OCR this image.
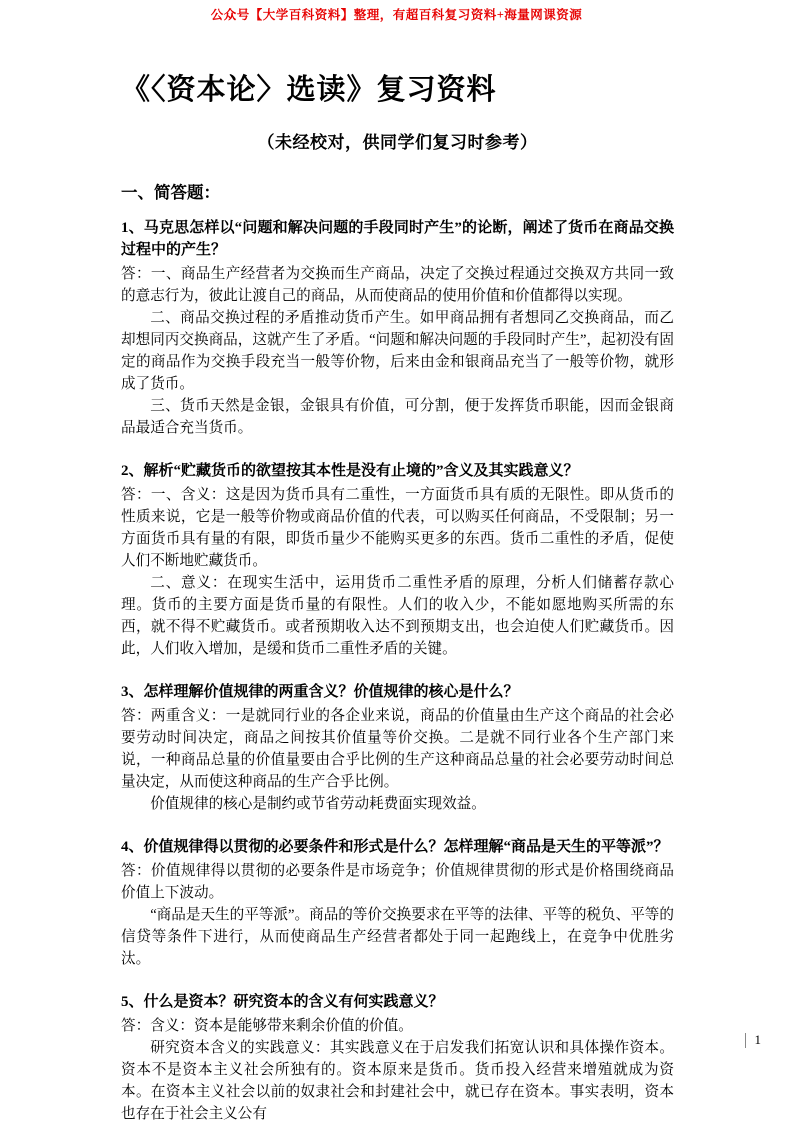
公众号【大学百科资料】整理，有超百科复习资料+海量网课资源
《〈资本论〉选读》复习资料
（未经校对，供同学们复习时参考）
一、简答题：
1、马克思怎样以“问题和解决问题的手段同时产生”的论断，阐述了货币在商品交换过程中的产生？

答：一、商品生产经营者为交换而生产商品，决定了交换过程通过交换双方共同一致的意志行为，彼此让渡自己的商品，从而使商品的使用价值和价值都得以实现。

二、商品交换过程的矛盾推动货币产生。如甲商品拥有者想同乙交换商品，而乙却想同丙交换商品，这就产生了矛盾。“问题和解决问题的手段同时产生”，起初没有固定的商品作为交换手段充当一般等价物，后来由金和银商品充当了一般等价物，就形成了货币。

三、货币天然是金银，金银具有价值，可分割，便于发挥货币职能，因而金银商品最适合充当货币。

2、解析“贮藏货币的欲望按其本性是没有止境的”含义及其实践意义？

答：一、含义：这是因为货币具有二重性，一方面货币具有质的无限性。即从货币的性质来说，它是一般等价物或商品价值的代表，可以购买任何商品，不受限制；另一方面货币具有量的有限，即货币量少不能购买更多的东西。货币二重性的矛盾，促使人们不断地贮藏货币。

二、意义：在现实生活中，运用货币二重性矛盾的原理，分析人们储蓄存款心理。货币的主要方面是货币量的有限性。人们的收入少，不能如愿地购买所需的东西，就不得不贮藏货币。或者预期收入达不到预期支出，也会迫使人们贮藏货币。因此，人们收入增加，是缓和货币二重性矛盾的关键。

3、怎样理解价值规律的两重含义？价值规律的核心是什么？

答：两重含义：一是就同行业的各企业来说，商品的价值量由生产这个商品的社会必要劳动时间决定，商品之间按其价值量等价交换。二是就不同行业各个生产部门来说，一种商品总量的价值量要由合乎比例的生产这种商品总量的社会必要劳动时间总量决定，从而使这种商品的生产合乎比例。

价值规律的核心是制约或节省劳动耗费面实现效益。

4、价值规律得以贯彻的必要条件和形式是什么？怎样理解“商品是天生的平等派”？

答：价值规律得以贯彻的必要条件是市场竞争；价值规律贯彻的形式是价格围绕商品价值上下波动。

“商品是天生的平等派”。商品的等价交换要求在平等的法律、平等的税负、平等的信贷等条件下进行，从而使商品生产经营者都处于同一起跑线上，在竞争中优胜劣汰。

5、什么是资本？研究资本的含义有何实践意义？

答：含义：资本是能够带来剩余价值的价值。

研究资本含义的实践意义：其实践意义在于启发我们拓宽认识和具体操作资本。资本不是资本主义社会所独有的。资本原来是货币。货币投入经营来增殖就成为资本。在资本主义社会以前的奴隶社会和封建社会中，就已存在资本。事实表明，资本也存在于社会主义公有

1
